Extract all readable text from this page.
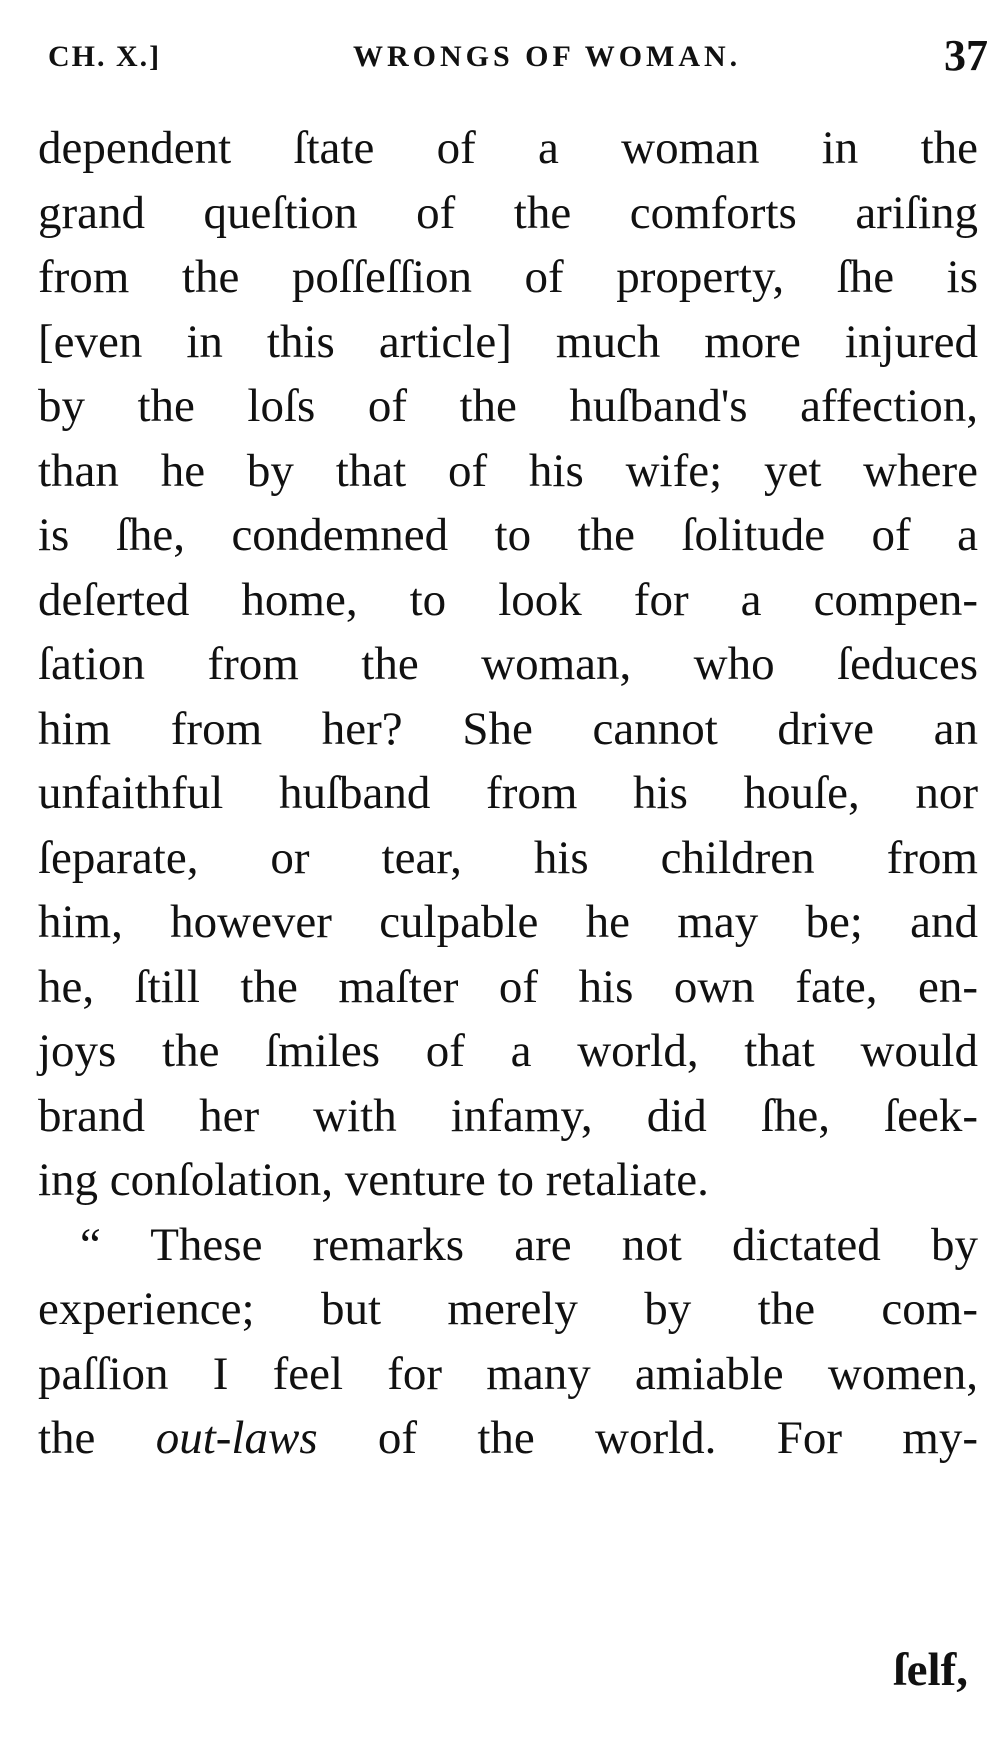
CH. X.]	WRONGS OF WOMAN.	37
dependent ſtate of a woman in the
grand queſtion of the comforts ariſing
from the poſſeſſion of property, ſhe is
[even in this article] much more injured
by the loſs of the huſband's affection,
than he by that of his wife; yet where
is ſhe, condemned to the ſolitude of a
deſerted home, to look for a compen-
ſation from the woman, who ſeduces
him from her? She cannot drive an
unfaithful huſband from his houſe, nor
ſeparate, or tear, his children from
him, however culpable he may be; and
he, ſtill the maſter of his own fate, en-
joys the ſmiles of a world, that would
brand her with infamy, did ſhe, ſeek-
ing conſolation, venture to retaliate.
“ These remarks are not dictated by
experience; but merely by the com-
paſſion I feel for many amiable women,
the out-laws of the world. For my-
ſelf,
